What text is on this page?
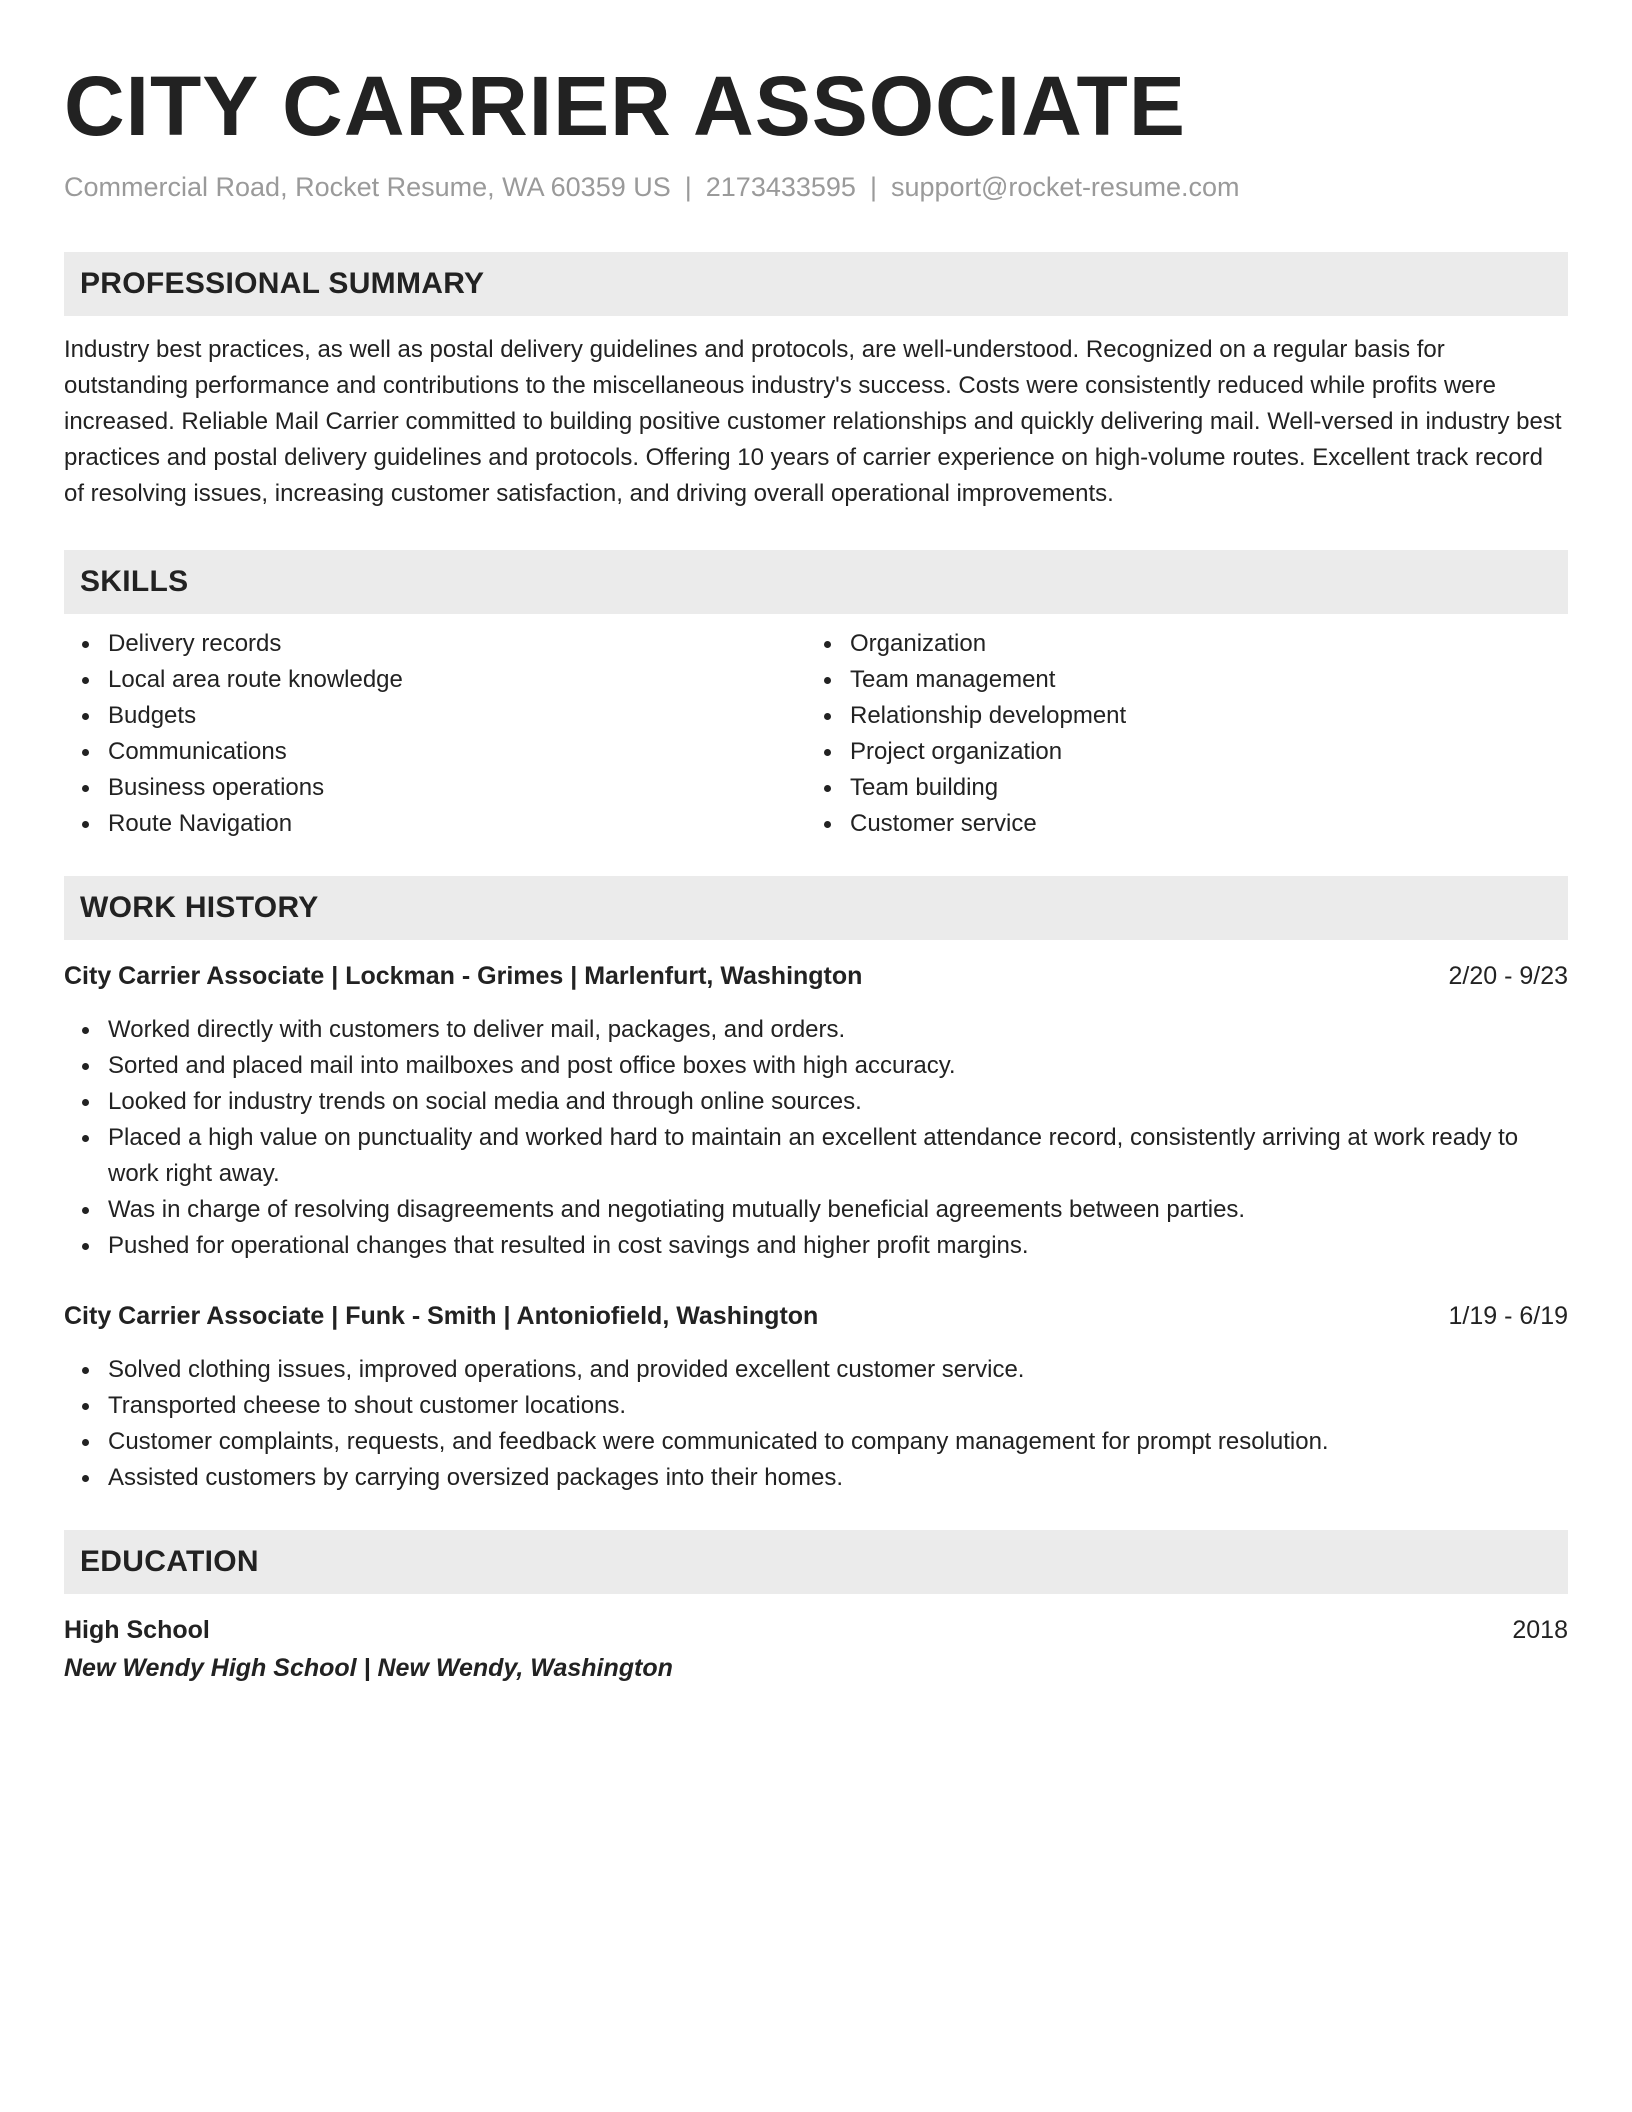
CITY CARRIER ASSOCIATE
Commercial Road, Rocket Resume, WA 60359 US | 2173433595 | support@rocket-resume.com
PROFESSIONAL SUMMARY
Industry best practices, as well as postal delivery guidelines and protocols, are well-understood. Recognized on a regular basis for outstanding performance and contributions to the miscellaneous industry's success. Costs were consistently reduced while profits were increased. Reliable Mail Carrier committed to building positive customer relationships and quickly delivering mail. Well-versed in industry best practices and postal delivery guidelines and protocols. Offering 10 years of carrier experience on high-volume routes. Excellent track record of resolving issues, increasing customer satisfaction, and driving overall operational improvements.
SKILLS
Delivery records
Local area route knowledge
Budgets
Communications
Business operations
Route Navigation
Organization
Team management
Relationship development
Project organization
Team building
Customer service
WORK HISTORY
City Carrier Associate | Lockman - Grimes | Marlenfurt, Washington	2/20 - 9/23
Worked directly with customers to deliver mail, packages, and orders.
Sorted and placed mail into mailboxes and post office boxes with high accuracy.
Looked for industry trends on social media and through online sources.
Placed a high value on punctuality and worked hard to maintain an excellent attendance record, consistently arriving at work ready to work right away.
Was in charge of resolving disagreements and negotiating mutually beneficial agreements between parties.
Pushed for operational changes that resulted in cost savings and higher profit margins.
City Carrier Associate | Funk - Smith | Antoniofield, Washington	1/19 - 6/19
Solved clothing issues, improved operations, and provided excellent customer service.
Transported cheese to shout customer locations.
Customer complaints, requests, and feedback were communicated to company management for prompt resolution.
Assisted customers by carrying oversized packages into their homes.
EDUCATION
High School	2018
New Wendy High School | New Wendy, Washington
